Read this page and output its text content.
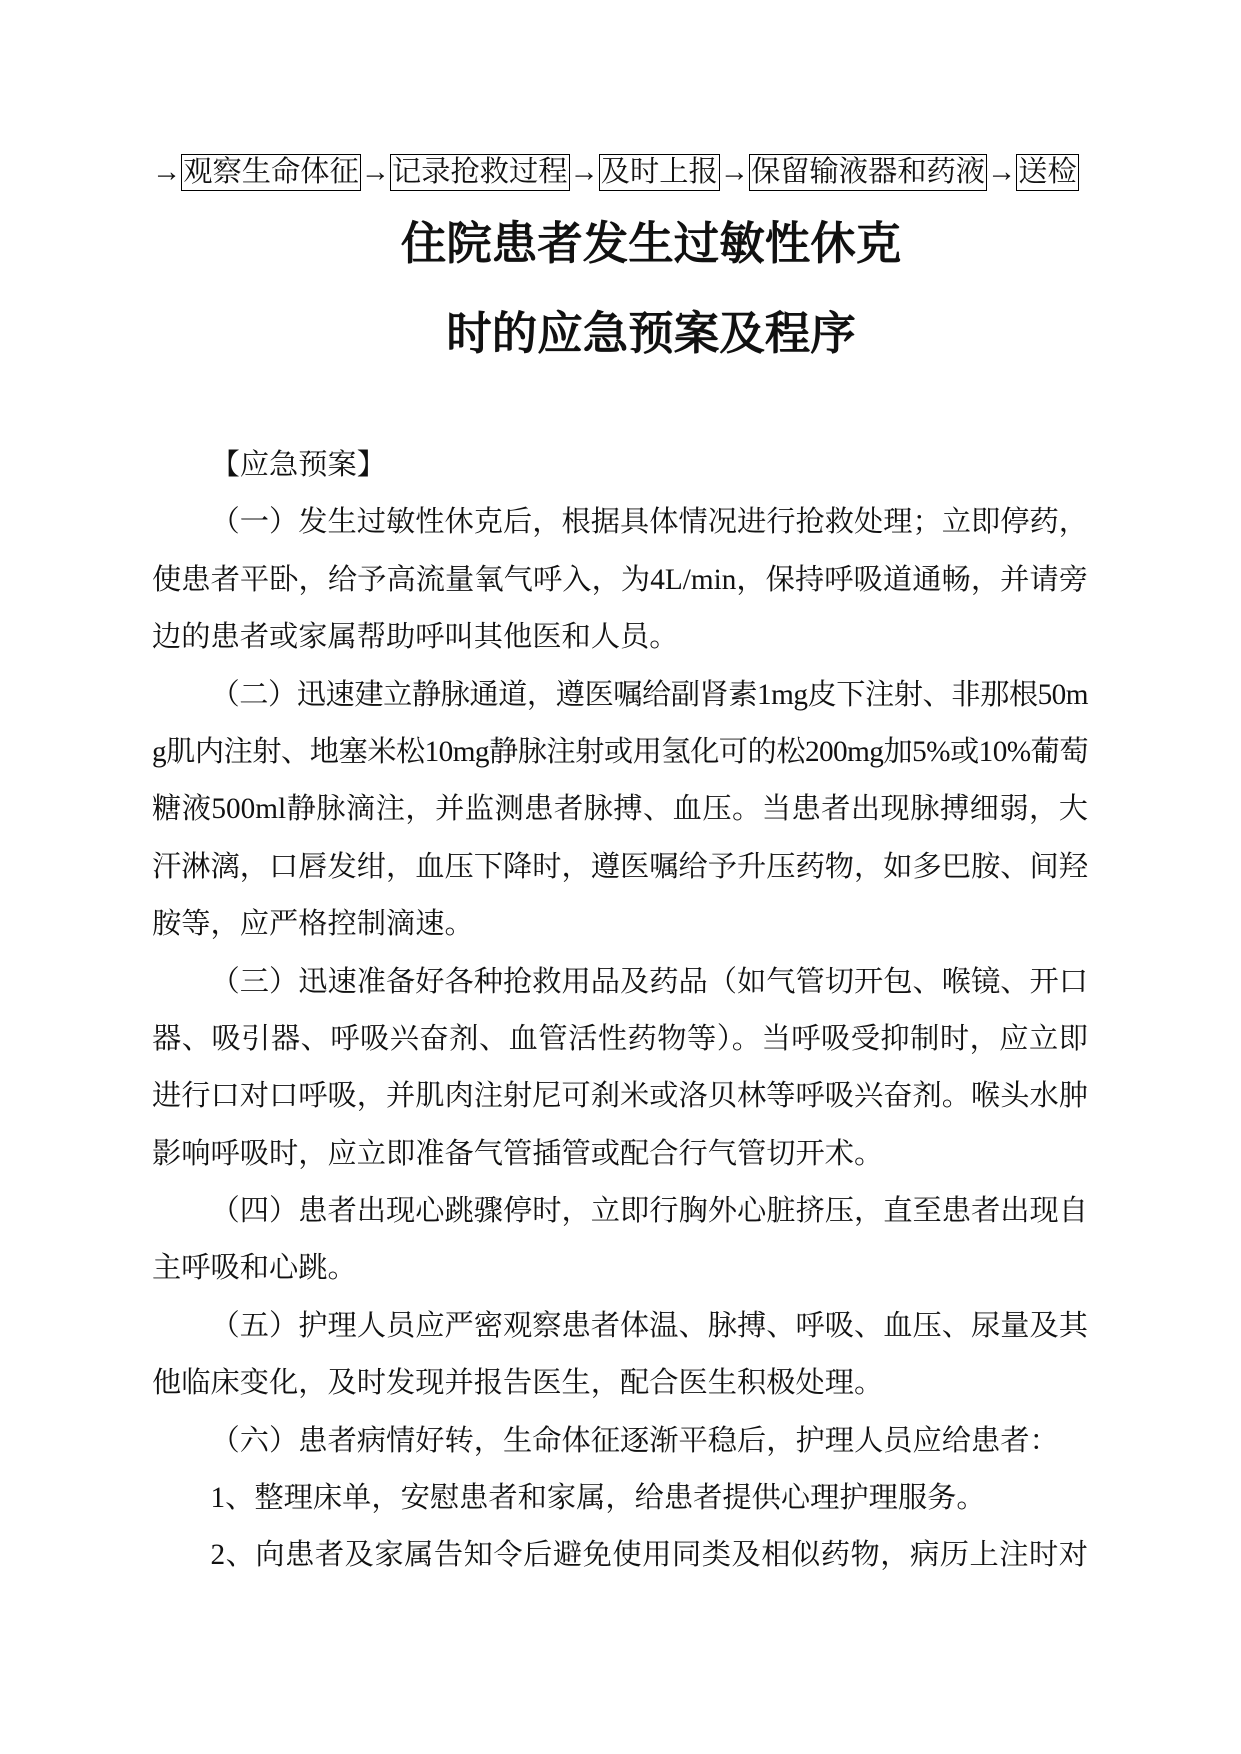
→ 观察生命体征 → 记录抢救过程 → 及时上报 → 保留输液器和药液 → 送检
住院患者发生过敏性休克
时的应急预案及程序
【应急预案】
（一）发生过敏性休克后，根据具体情况进行抢救处理；立即停药，
使患者平卧，给予高流量氧气呼入，为4L/min，保持呼吸道通畅，并请旁
边的患者或家属帮助呼叫其他医和人员。
（二）迅速建立静脉通道，遵医嘱给副肾素1mg皮下注射、非那根50m
g肌内注射、地塞米松10mg静脉注射或用氢化可的松200mg加5%或10%葡萄
糖液500ml静脉滴注，并监测患者脉搏、血压。当患者出现脉搏细弱，大
汗淋漓，口唇发绀，血压下降时，遵医嘱给予升压药物，如多巴胺、间羟
胺等，应严格控制滴速。
（三）迅速准备好各种抢救用品及药品（如气管切开包、喉镜、开口
器、吸引器、呼吸兴奋剂、血管活性药物等）。当呼吸受抑制时，应立即
进行口对口呼吸，并肌肉注射尼可刹米或洛贝林等呼吸兴奋剂。喉头水肿
影响呼吸时，应立即准备气管插管或配合行气管切开术。
（四）患者出现心跳骤停时，立即行胸外心脏挤压，直至患者出现自
主呼吸和心跳。
（五）护理人员应严密观察患者体温、脉搏、呼吸、血压、尿量及其
他临床变化，及时发现并报告医生，配合医生积极处理。
（六）患者病情好转，生命体征逐渐平稳后，护理人员应给患者：
1、整理床单，安慰患者和家属，给患者提供心理护理服务。
2、向患者及家属告知令后避免使用同类及相似药物，病历上注时对
